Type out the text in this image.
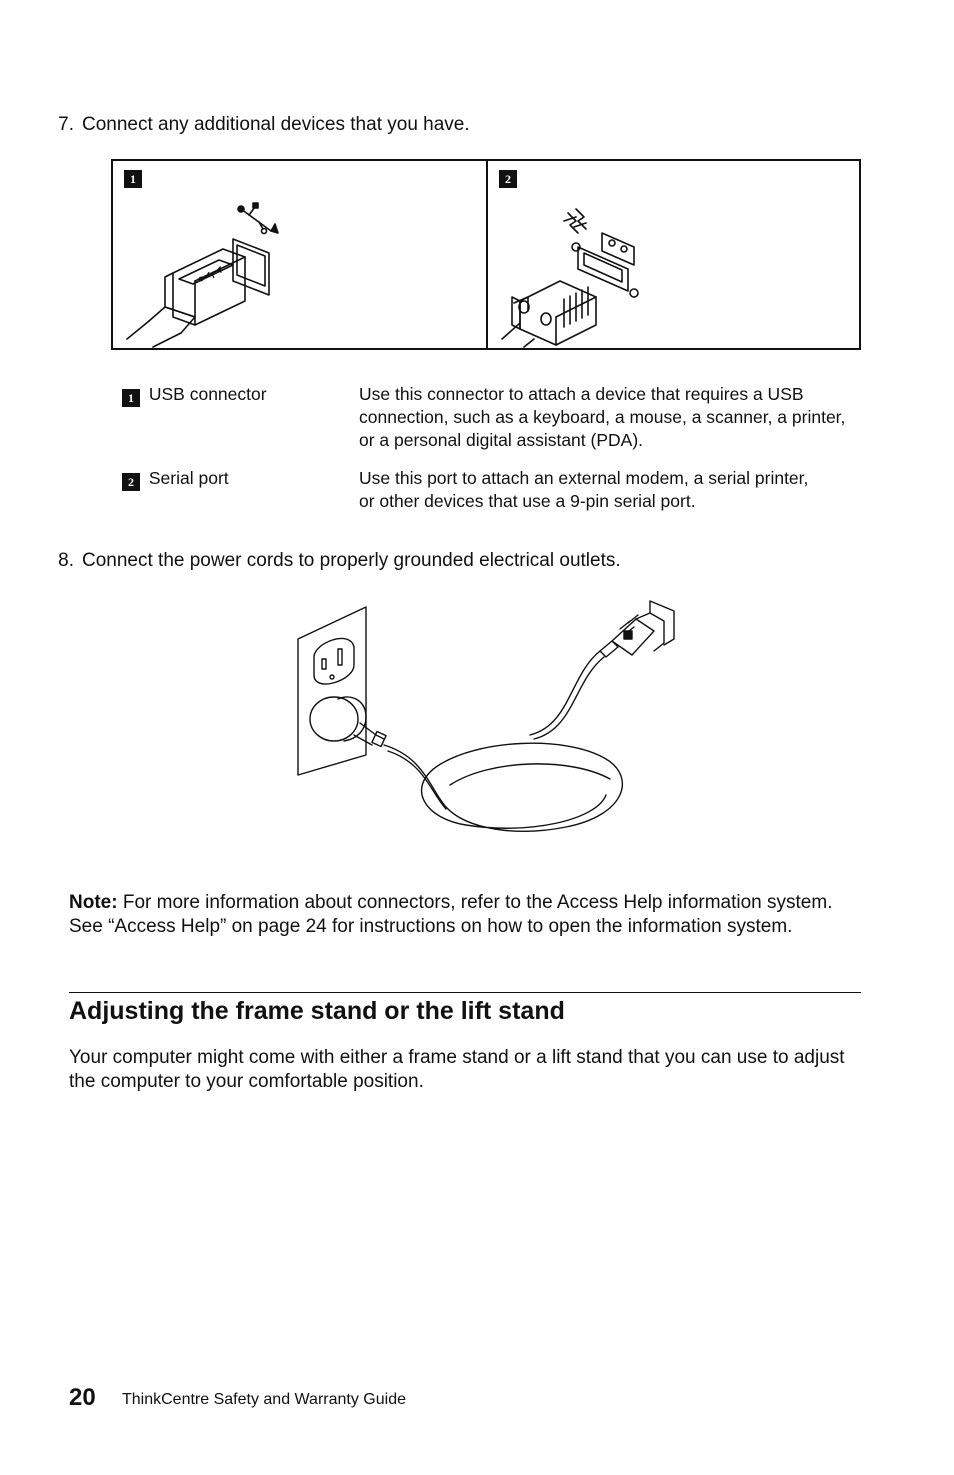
7. Connect any additional devices that you have.
1	2
1 USB connector	Use this connector to attach a device that requires a USB connection, such as a keyboard, a mouse, a scanner, a printer, or a personal digital assistant (PDA).
2 Serial port	Use this port to attach an external modem, a serial printer, or other devices that use a 9-pin serial port.
8. Connect the power cords to properly grounded electrical outlets.
Note: For more information about connectors, refer to the Access Help information system. See “Access Help” on page 24 for instructions on how to open the information system.
Adjusting the frame stand or the lift stand
Your computer might come with either a frame stand or a lift stand that you can use to adjust the computer to your comfortable position.
20 ThinkCentre Safety and Warranty Guide
